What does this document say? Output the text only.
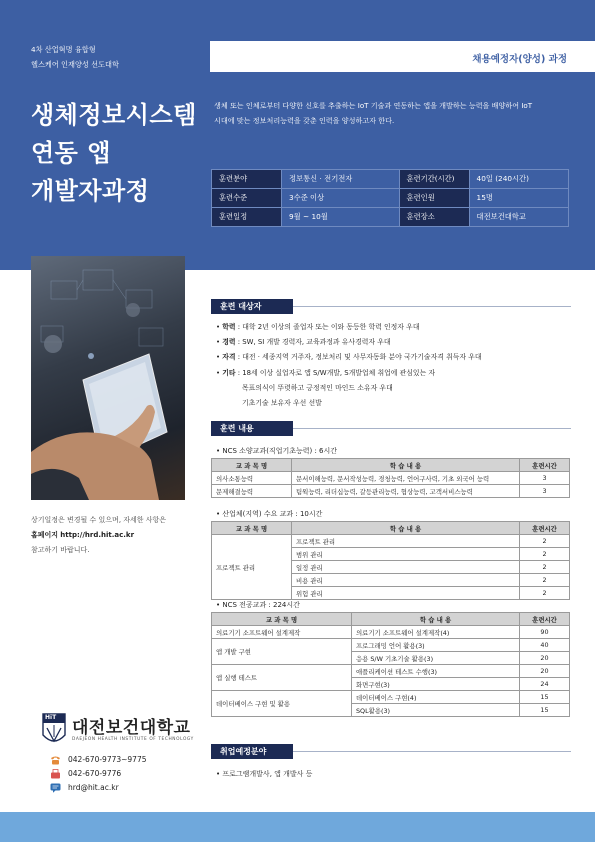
4차 산업혁명 융합형
헬스케어 인재양성 선도대학	채용예정자(양성) 과정
생체정보시스템
연동 앱
개발자과정
생체 또는 인체로부터 다양한 신호를 추출하는 IoT 기술과 연동하는 앱을 개발하는 능력을 배양하여 IoT
시대에 맞는 정보처리능력을 갖춘 인력을 양성하고자 한다.
훈련분야	정보통신 · 전기전자	훈련기간(시간)	40일 (240시간)
훈련수준	3수준 이상	훈련인원	15명
훈련일정	9월 ~ 10월	훈련장소	대전보건대학교
상기일정은 변경될 수 있으며, 자세한 사항은
홈페이지 http://hrd.hit.ac.kr
참고하기 바랍니다.
HiT
대전보건대학교
DAEJEON HEALTH INSTITUTE OF TECHNOLOGY
042-670-9773~9775
042-670-9776
hrd@hit.ac.kr
훈련 대상자
• 학력 : 대학 2년 이상의 졸업자 또는 이와 동등한 학력 인정자 우대
• 경력 : SW, SI 개발 경력자, 교육과정과 유사경력자 우대
• 자격 : 대전 · 세종지역 거주자, 정보처리 및 사무자동화 분야 국가기술자격 취득자 우대
• 기타 : 18세 이상 실업자로 앱 S/W개발, S개발업체 취업에 관심있는 자
목표의식이 뚜렷하고 긍정적인 마인드 소유자 우대
기초기술 보유자 우선 선발
훈련 내용
• NCS 소양교과(직업기초능력) : 6시간
교 과 목 명	학 습 내 용	훈련시간
의사소통능력	문서이해능력, 문서작성능력, 경청능력, 언어구사력, 기초 외국어 능력	3
문제해결능력	팀웍능력, 리더십능력, 갈등관리능력, 협상능력, 고객서비스능력	3
• 산업체(지역) 수요 교과 : 10시간
교 과 목 명	학 습 내 용	훈련시간
프로젝트 관리	프로젝트 관리	2
	범위 관리	2
	일정 관리	2
	비용 관리	2
	위험 관리	2
• NCS 전공교과 : 224시간
교 과 목 명	학 습 내 용	훈련시간
의료기기 소프트웨어 설계제작	의료기기 소프트웨어 설계제작(4)	90
앱 개발 구현	프로그래밍 언어 활용(3)	40
	응용 S/W 기초기술 활용(3)	20
앱 실행 테스트	애플리케이션 테스트 수행(3)	20
	화면구현(3)	24
데이터베이스 구현 및 활용	데이터베이스 구현(4)	15
	SQL활용(3)	15
취업예정분야
• 프로그램개발사, 앱 개발사 등
